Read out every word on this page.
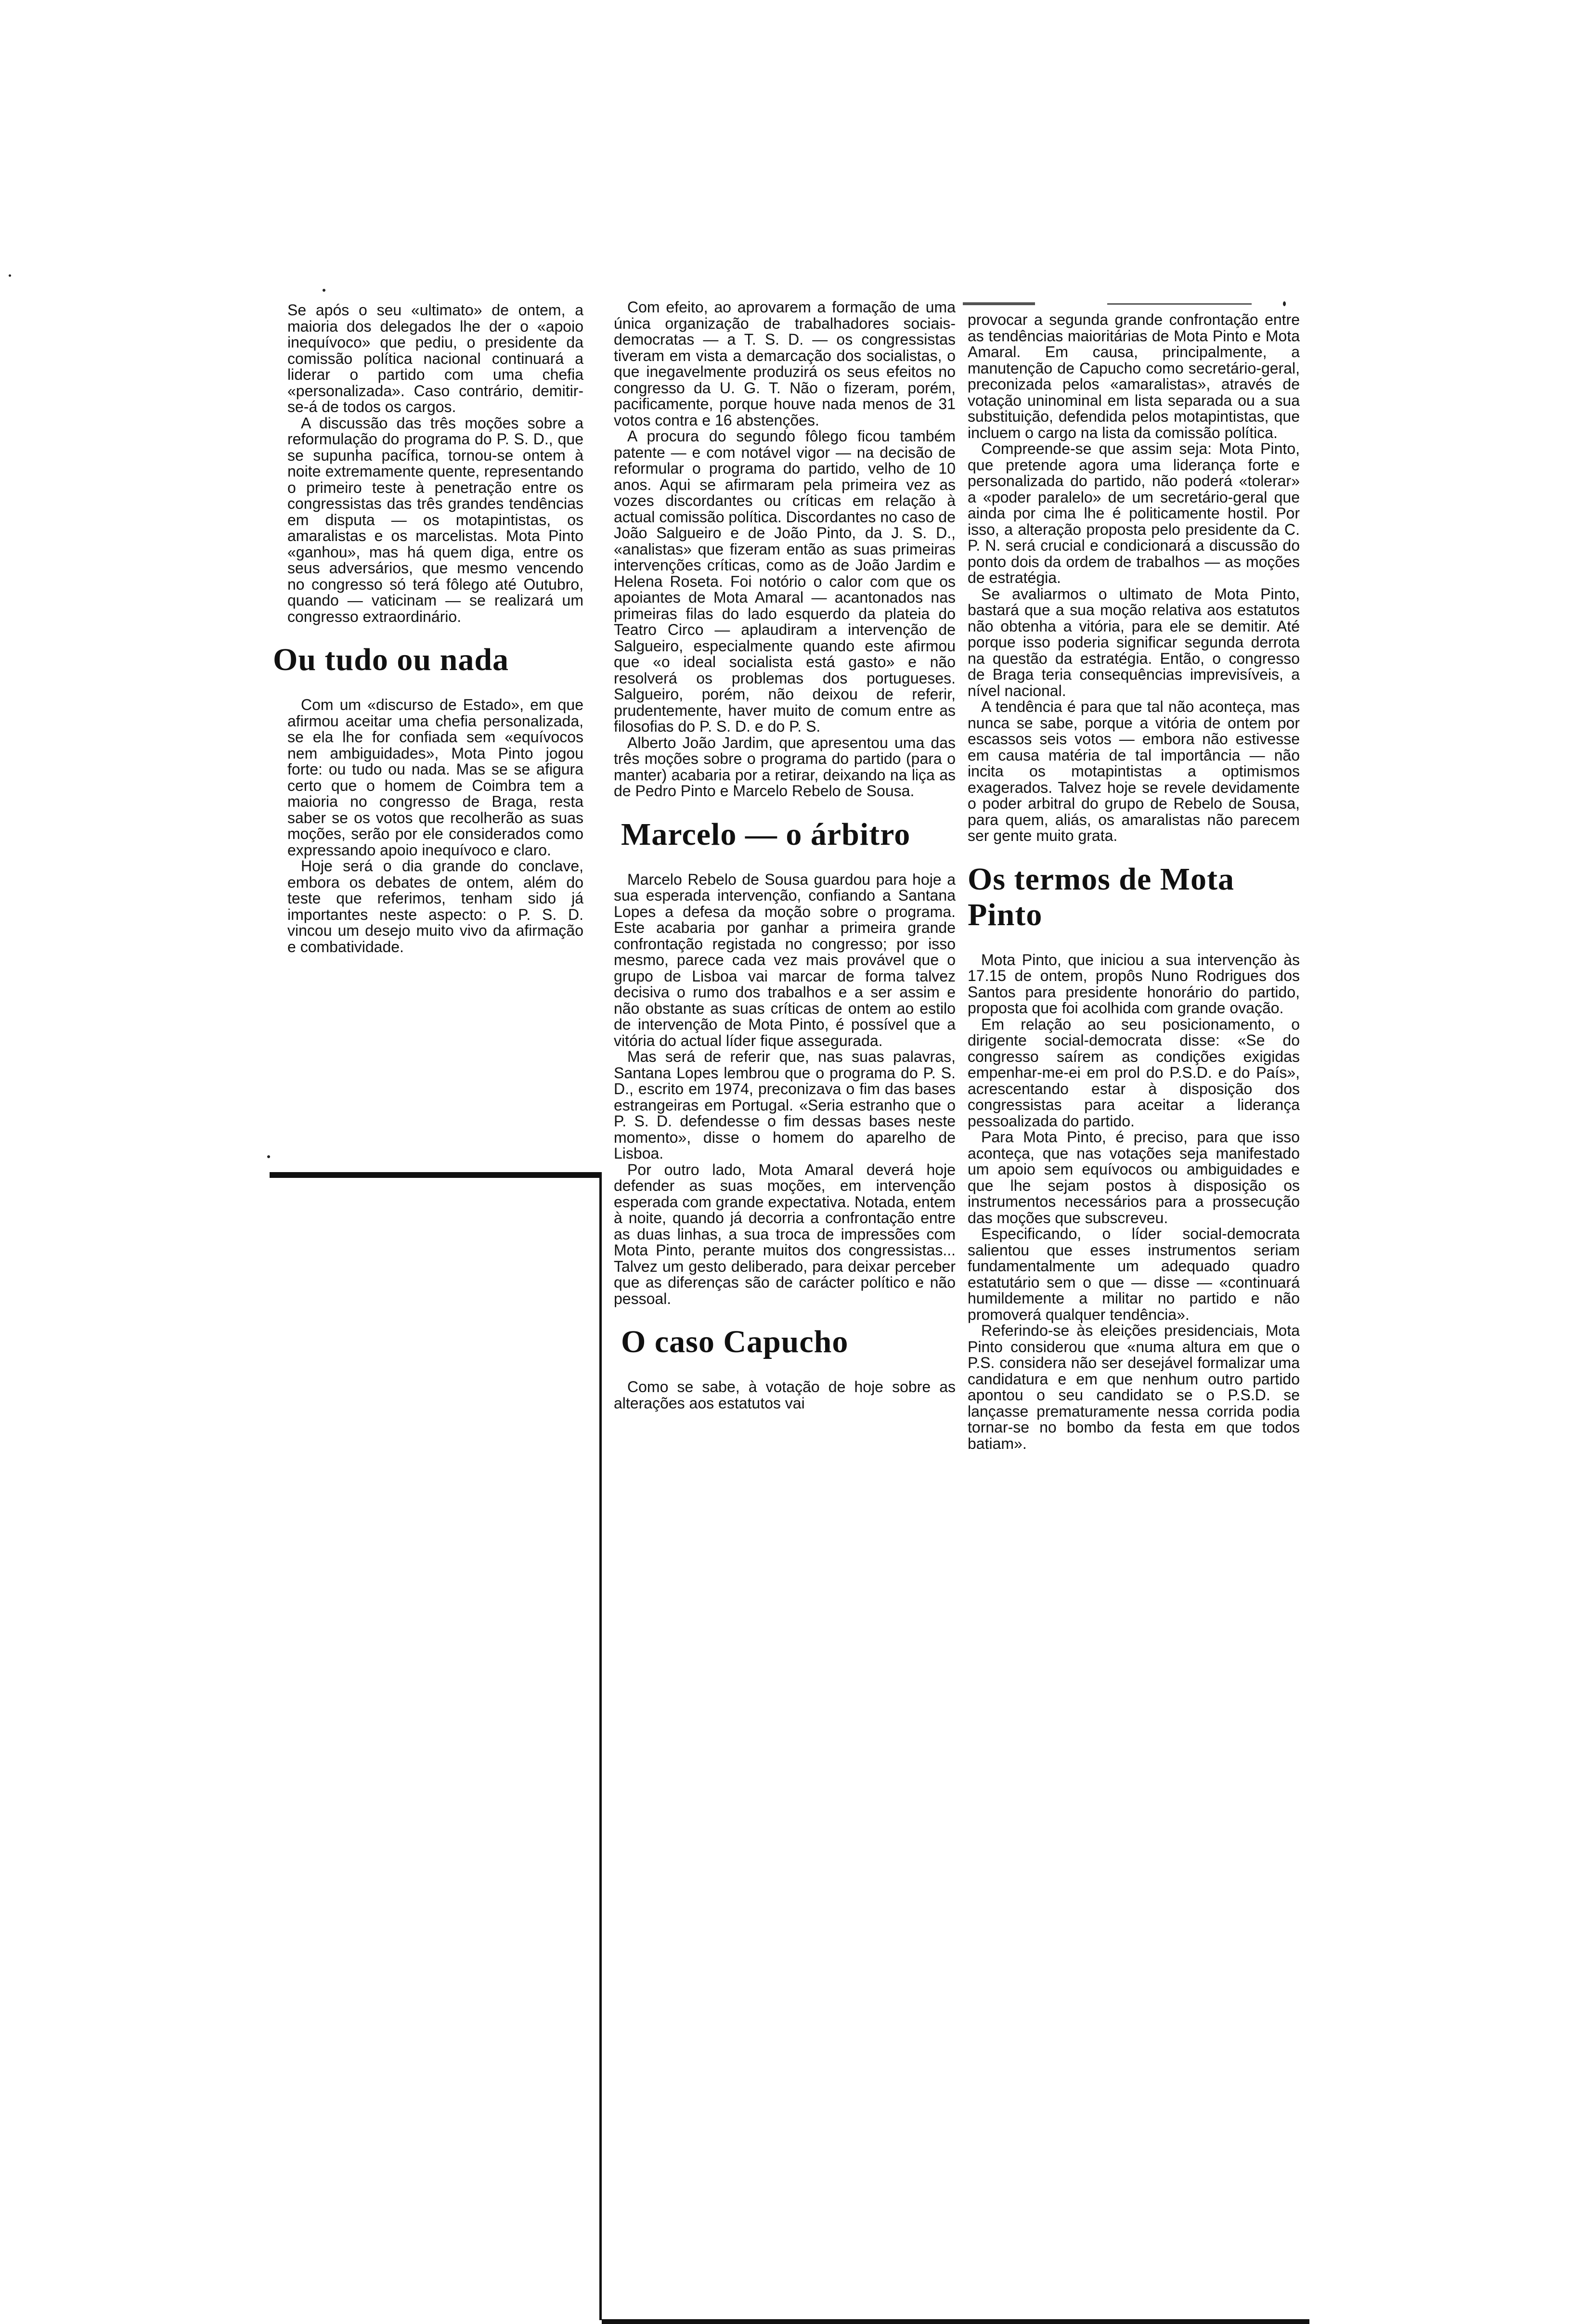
Se após o seu «ultimato» de ontem, a maioria dos delegados lhe der o «apoio inequívoco» que pediu, o presidente da comissão política nacional continuará a liderar o partido com uma chefia «personalizada». Caso contrário, demitir-se-á de todos os cargos.

A discussão das três moções sobre a reformulação do programa do P. S. D., que se supunha pacífica, tornou-se ontem à noite extremamente quente, representando o primeiro teste à penetração entre os congressistas das três grandes tendências em disputa — os motapintistas, os amaralistas e os marcelistas. Mota Pinto «ganhou», mas há quem diga, entre os seus adversários, que mesmo vencendo no congresso só terá fôlego até Outubro, quando — vaticinam — se realizará um congresso extraordinário.

Ou tudo ou nada

Com um «discurso de Estado», em que afirmou aceitar uma chefia personalizada, se ela lhe for confiada sem «equívocos nem ambiguidades», Mota Pinto jogou forte: ou tudo ou nada. Mas se se afigura certo que o homem de Coimbra tem a maioria no congresso de Braga, resta saber se os votos que recolherão as suas moções, serão por ele considerados como expressando apoio inequívoco e claro.

Hoje será o dia grande do conclave, embora os debates de ontem, além do teste que referimos, tenham sido já importantes neste aspecto: o P. S. D. vincou um desejo muito vivo da afirmação e combatividade.

Com efeito, ao aprovarem a formação de uma única organização de trabalhadores sociais-democratas — a T. S. D. — os congressistas tiveram em vista a demarcação dos socialistas, o que inegavelmente produzirá os seus efeitos no congresso da U. G. T. Não o fizeram, porém, pacificamente, porque houve nada menos de 31 votos contra e 16 abstenções.

A procura do segundo fôlego ficou também patente — e com notável vigor — na decisão de reformular o programa do partido, velho de 10 anos. Aqui se afirmaram pela primeira vez as vozes discordantes ou críticas em relação à actual comissão política. Discordantes no caso de João Salgueiro e de João Pinto, da J. S. D., «analistas» que fizeram então as suas primeiras intervenções críticas, como as de João Jardim e Helena Roseta. Foi notório o calor com que os apoiantes de Mota Amaral — acantonados nas primeiras filas do lado esquerdo da plateia do Teatro Circo — aplaudiram a intervenção de Salgueiro, especialmente quando este afirmou que «o ideal socialista está gasto» e não resolverá os problemas dos portugueses. Salgueiro, porém, não deixou de referir, prudentemente, haver muito de comum entre as filosofias do P. S. D. e do P. S.

Alberto João Jardim, que apresentou uma das três moções sobre o programa do partido (para o manter) acabaria por a retirar, deixando na liça as de Pedro Pinto e Marcelo Rebelo de Sousa.

Marcelo — o árbitro

Marcelo Rebelo de Sousa guardou para hoje a sua esperada intervenção, confiando a Santana Lopes a defesa da moção sobre o programa. Este acabaria por ganhar a primeira grande confrontação registada no congresso; por isso mesmo, parece cada vez mais provável que o grupo de Lisboa vai marcar de forma talvez decisiva o rumo dos trabalhos e a ser assim e não obstante as suas críticas de ontem ao estilo de intervenção de Mota Pinto, é possível que a vitória do actual líder fique assegurada.

Mas será de referir que, nas suas palavras, Santana Lopes lembrou que o programa do P. S. D., escrito em 1974, preconizava o fim das bases estrangeiras em Portugal. «Seria estranho que o P. S. D. defendesse o fim dessas bases neste momento», disse o homem do aparelho de Lisboa.

Por outro lado, Mota Amaral deverá hoje defender as suas moções, em intervenção esperada com grande expectativa. Notada, entem à noite, quando já decorria a confrontação entre as duas linhas, a sua troca de impressões com Mota Pinto, perante muitos dos congressistas... Talvez um gesto deliberado, para deixar perceber que as diferenças são de carácter político e não pessoal.

O caso Capucho

Como se sabe, à votação de hoje sobre as alterações aos estatutos vai

provocar a segunda grande confrontação entre as tendências maioritárias de Mota Pinto e Mota Amaral. Em causa, principalmente, a manutenção de Capucho como secretário-geral, preconizada pelos «amaralistas», através de votação uninominal em lista separada ou a sua substituição, defendida pelos motapintistas, que incluem o cargo na lista da comissão política.

Compreende-se que assim seja: Mota Pinto, que pretende agora uma liderança forte e personalizada do partido, não poderá «tolerar» a «poder paralelo» de um secretário-geral que ainda por cima lhe é politicamente hostil. Por isso, a alteração proposta pelo presidente da C. P. N. será crucial e condicionará a discussão do ponto dois da ordem de trabalhos — as moções de estratégia.

Se avaliarmos o ultimato de Mota Pinto, bastará que a sua moção relativa aos estatutos não obtenha a vitória, para ele se demitir. Até porque isso poderia significar segunda derrota na questão da estratégia. Então, o congresso de Braga teria consequências imprevisíveis, a nível nacional.

A tendência é para que tal não aconteça, mas nunca se sabe, porque a vitória de ontem por escassos seis votos — embora não estivesse em causa matéria de tal importância — não incita os motapintistas a optimismos exagerados. Talvez hoje se revele devidamente o poder arbitral do grupo de Rebelo de Sousa, para quem, aliás, os amaralistas não parecem ser gente muito grata.

Os termos de Mota Pinto

Mota Pinto, que iniciou a sua intervenção às 17.15 de ontem, propôs Nuno Rodrigues dos Santos para presidente honorário do partido, proposta que foi acolhida com grande ovação.

Em relação ao seu posicionamento, o dirigente social-democrata disse: «Se do congresso saírem as condições exigidas empenhar-me-ei em prol do P.S.D. e do País», acrescentando estar à disposição dos congressistas para aceitar a liderança pessoalizada do partido.

Para Mota Pinto, é preciso, para que isso aconteça, que nas votações seja manifestado um apoio sem equívocos ou ambiguidades e que lhe sejam postos à disposição os instrumentos necessários para a prossecução das moções que subscreveu.

Especificando, o líder social-democrata salientou que esses instrumentos seriam fundamentalmente um adequado quadro estatutário sem o que — disse — «continuará humildemente a militar no partido e não promoverá qualquer tendência».

Referindo-se às eleições presidenciais, Mota Pinto considerou que «numa altura em que o P.S. considera não ser desejável formalizar uma candidatura e em que nenhum outro partido apontou o seu candidato se o P.S.D. se lançasse prematuramente nessa corrida podia tornar-se no bombo da festa em que todos batiam».
